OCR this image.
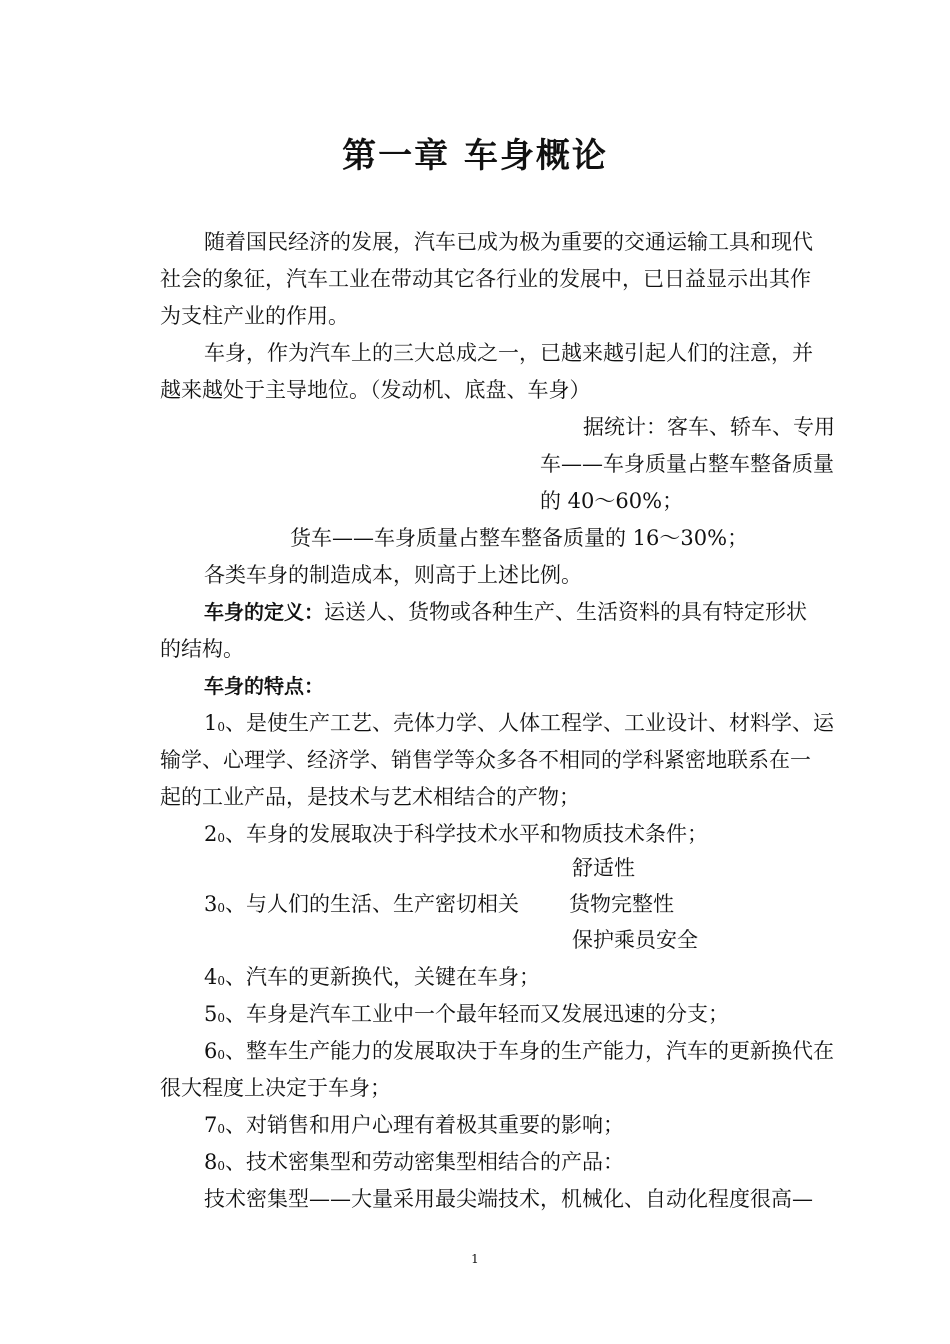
第一章 车身概论
随着国民经济的发展，汽车已成为极为重要的交通运输工具和现代
社会的象征，汽车工业在带动其它各行业的发展中，已日益显示出其作
为支柱产业的作用。
车身，作为汽车上的三大总成之一，已越来越引起人们的注意，并
越来越处于主导地位。（发动机、底盘、车身）
据统计：客车、轿车、专用
车——车身质量占整车整备质量
的 40～60%；
货车——车身质量占整车整备质量的 16～30%；
各类车身的制造成本，则高于上述比例。
车身的定义：运送人、货物或各种生产、生活资料的具有特定形状
的结构。
车身的特点：
$1^0$、是使生产工艺、壳体力学、人体工程学、工业设计、材料学、运
输学、心理学、经济学、销售学等众多各不相同的学科紧密地联系在一
起的工业产品，是技术与艺术相结合的产物；
$2^0$、车身的发展取决于科学技术水平和物质技术条件；
舒适性
$3^0$、与人们的生活、生产密切相关 货物完整性
保护乘员安全
$4^0$、汽车的更新换代，关键在车身；
$5^0$、车身是汽车工业中一个最年轻而又发展迅速的分支；
$6^0$、整车生产能力的发展取决于车身的生产能力，汽车的更新换代在
很大程度上决定于车身；
$7^0$、对销售和用户心理有着极其重要的影响；
$8^0$、技术密集型和劳动密集型相结合的产品：
技术密集型——大量采用最尖端技术，机械化、自动化程度很高—
1
